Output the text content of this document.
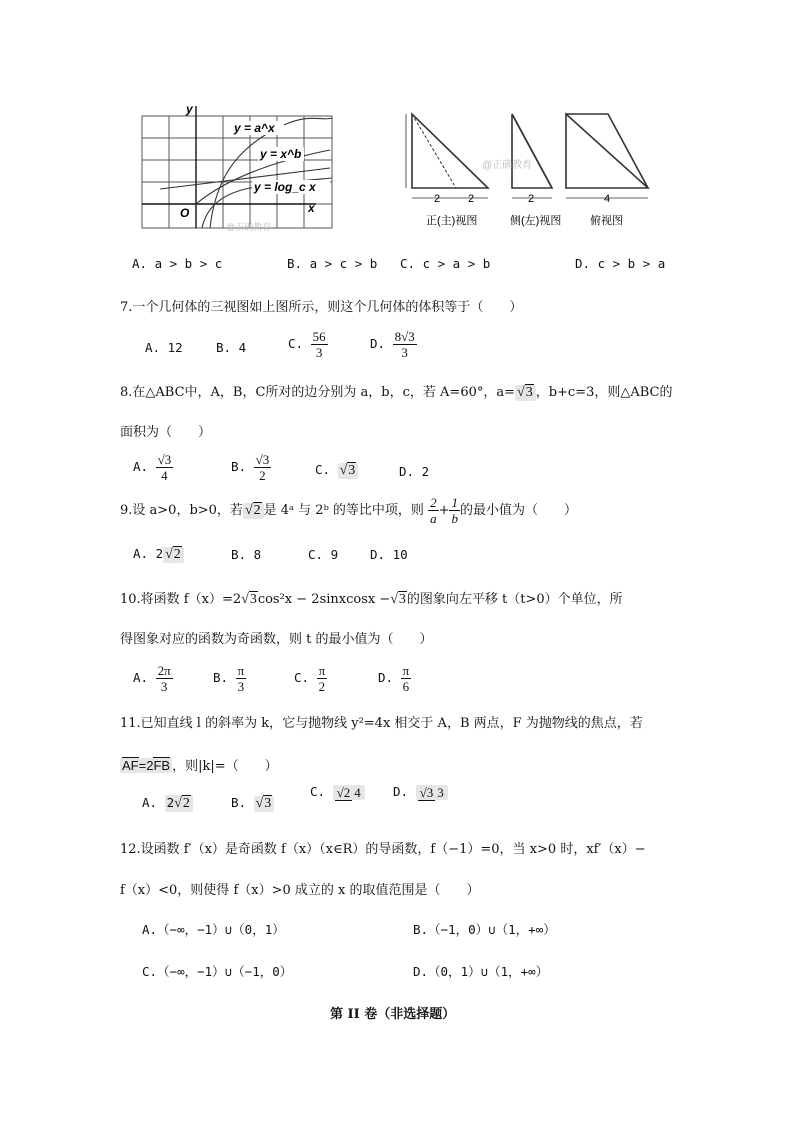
y
x
O
y = a^x
y = x^b
y = log_c x
@正确教育
2	2	2	4
正(主)视图	侧(左)视图	俯视图
@正确教育
A. a > b > c	B. a > c > b C. c > a > b	D. c > b > a
7.一个几何体的三视图如上图所示，则这个几何体的体积等于（　　）
A. 12	B. 4	C. $\frac{56}{3}$	D. $\frac{8√3}{3}$
8.在△ABC中，A，B，C所对的边分别为 a，b，c，若 A=60°，a= √3 ，b+c=3，则△ABC的
面积为（　　）
A. $\frac{√3}{4}$	B. $\frac{√3}{2}$	C. √3	D. 2
9.设 a>0，b>0，若 √2 是 4ᵃ 与 2ᵇ 的等比中项，则 $\frac{2}{a} + \frac{1}{b}$ 的最小值为（　　）
A. 2 √2	B. 8	C. 9	D. 10
10.将函数 f（x）=2√3cos²x − 2sinxcosx −√3的图象向左平移 t（t>0）个单位，所
得图象对应的函数为奇函数，则 t 的最小值为（　　）
A. $\frac{2\pi}{3}$	B. $\frac{\pi}{3}$	C. $\frac{\pi}{2}$	D. $\frac{\pi}{6}$
11.已知直线 l 的斜率为 k，它与抛物线 y²=4x 相交于 A，B 两点，F 为抛物线的焦点，若
AF=2FB ，则|k|=（　　）
A. 2√2	B. √3
C. √2 4	D. √3 3
12.设函数 f′（x）是奇函数 f（x）（x∈R）的导函数，f（−1）=0，当 x>0 时，xf′（x）−
f（x）<0，则使得 f（x）>0 成立的 x 的取值范围是（　　）
A.（−∞，−1）∪（0，1）	B.（−1，0）∪（1，+∞）
C.（−∞，−1）∪（−1，0）	D.（0，1）∪（1，+∞）
第 II 卷（非选择题）
